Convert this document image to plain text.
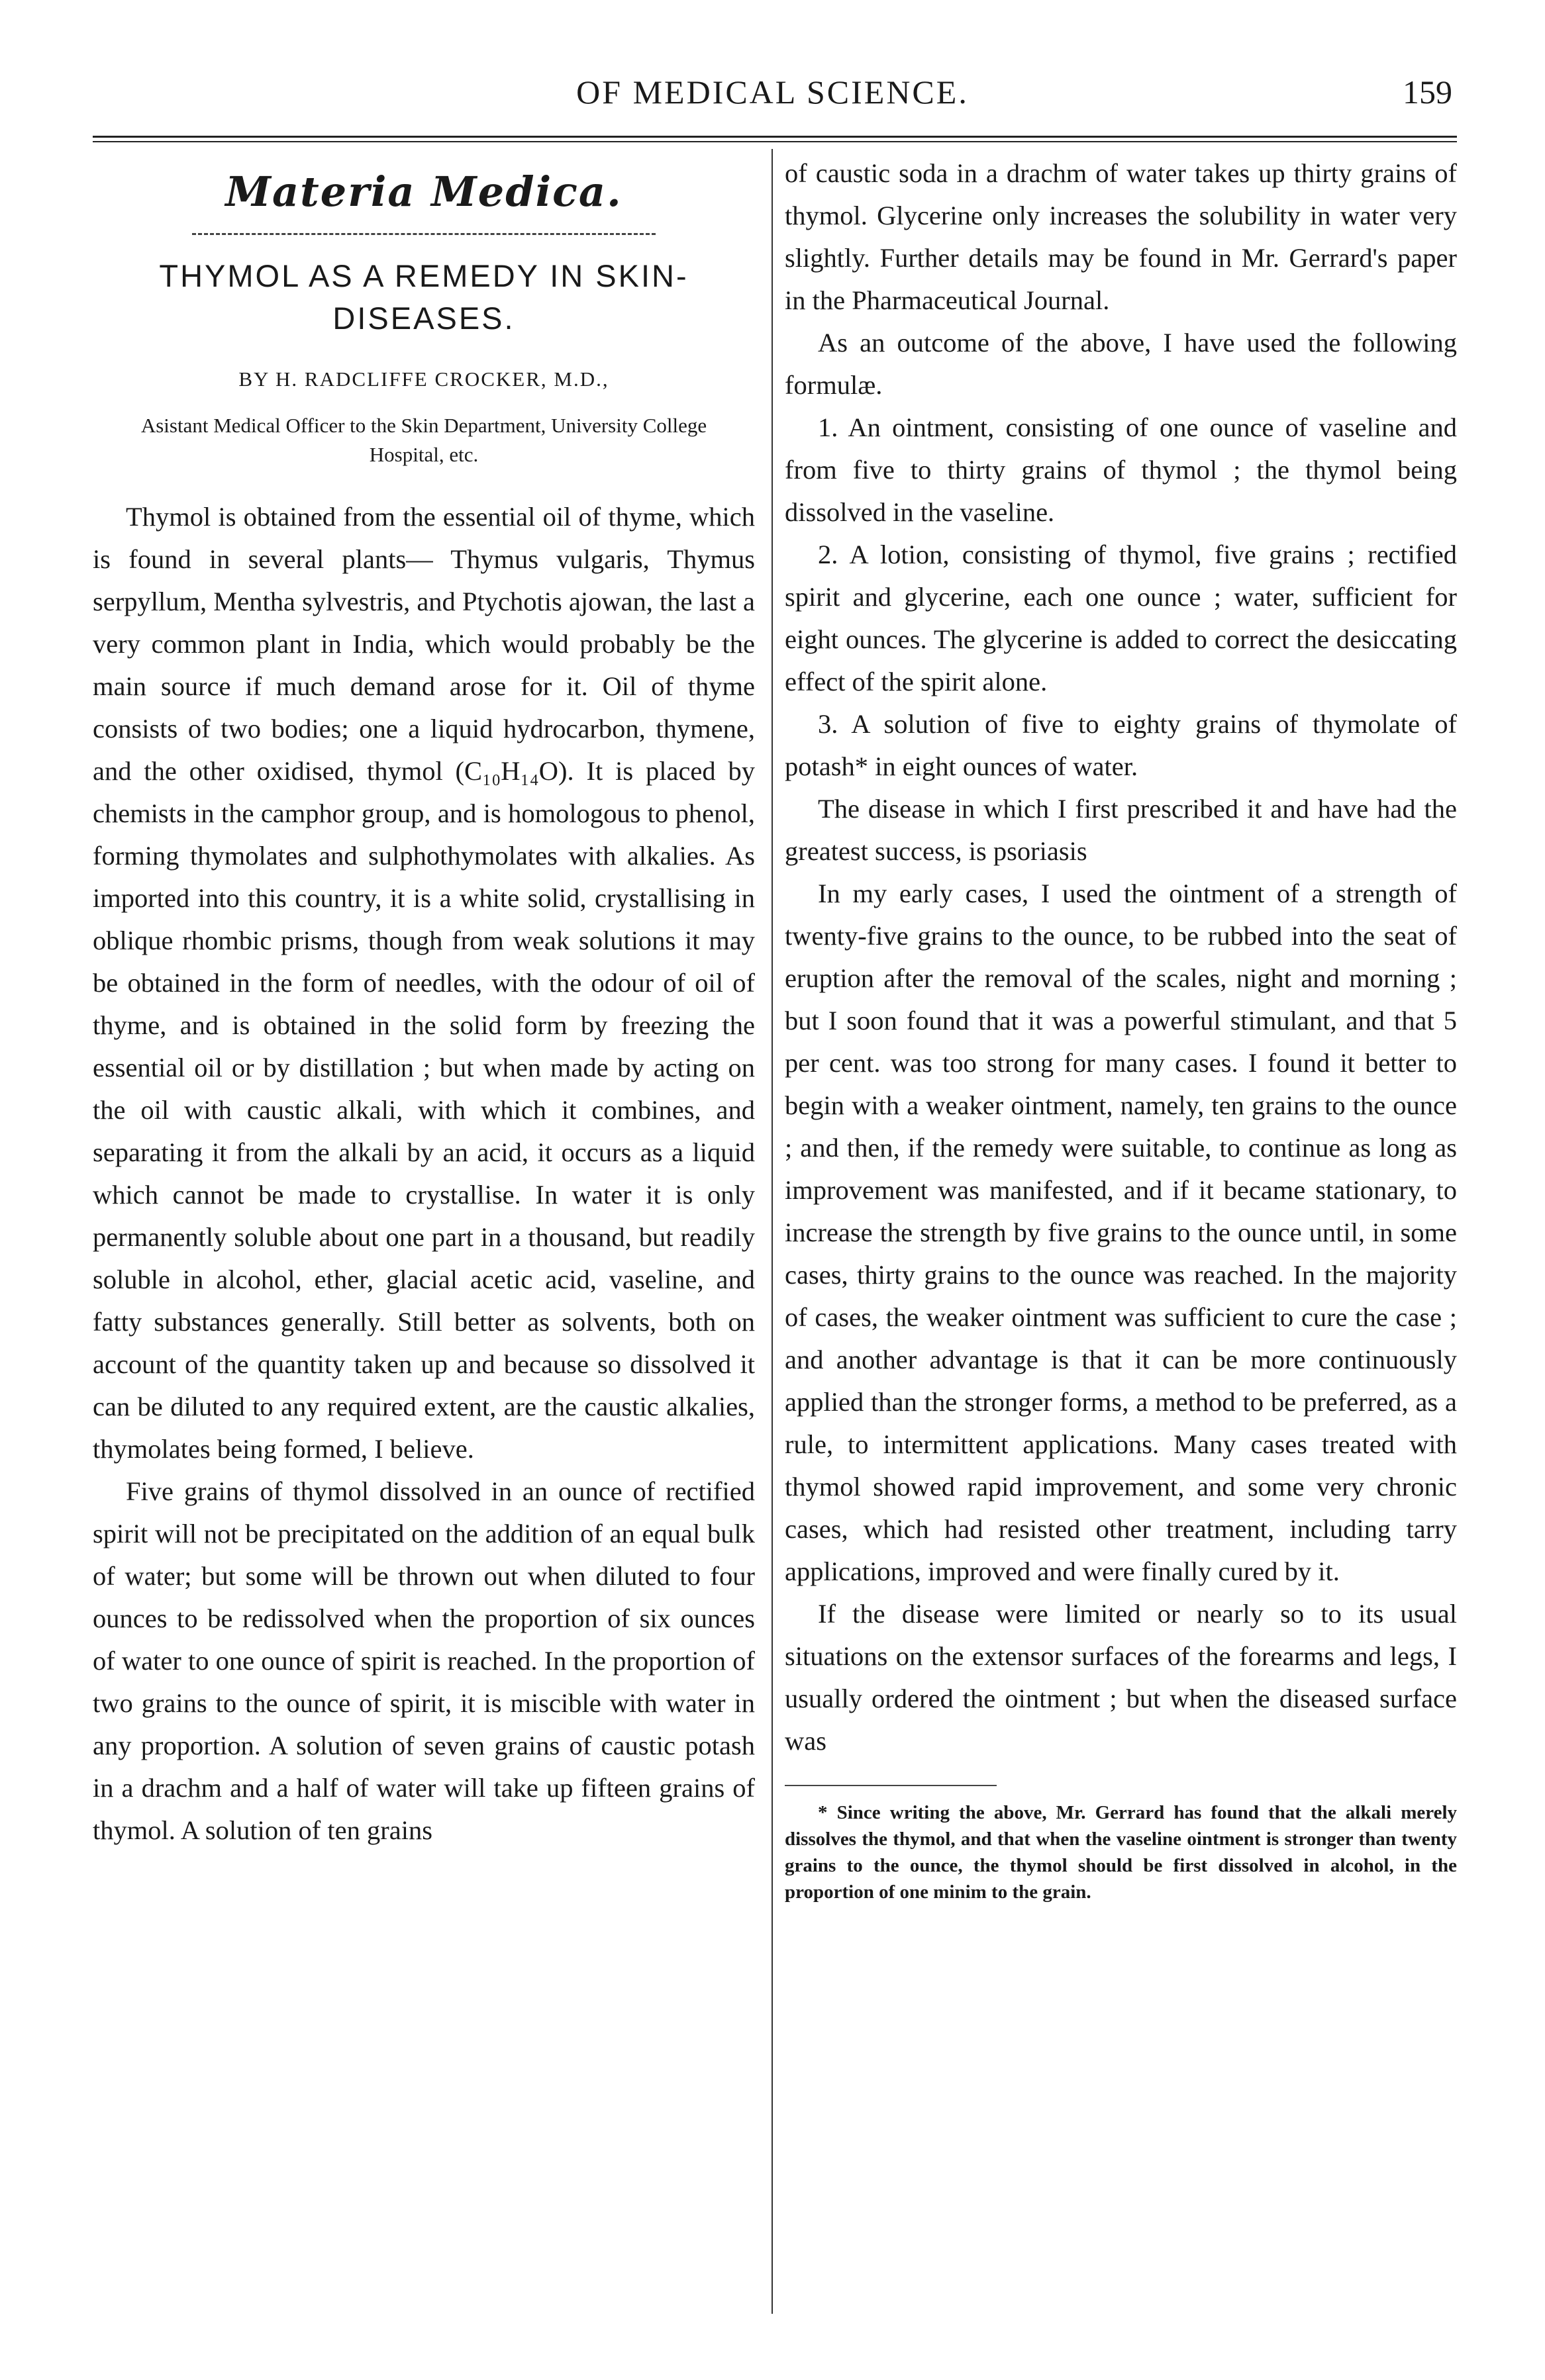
OF MEDICAL SCIENCE.	159
Materia Medica.
THYMOL AS A REMEDY IN SKIN-DISEASES.
BY H. RADCLIFFE CROCKER, M.D.,
Asistant Medical Officer to the Skin Department, University College Hospital, etc.

Thymol is obtained from the essential oil of thyme, which is found in several plants— Thymus vulgaris, Thymus serpyllum, Mentha sylvestris, and Ptychotis ajowan, the last a very common plant in India, which would probably be the main source if much demand arose for it. Oil of thyme consists of two bodies; one a liquid hydrocarbon, thymene, and the other oxidised, thymol (C₁₀H₁₄O). It is placed by chemists in the camphor group, and is homologous to phenol, forming thymolates and sulphothymolates with alkalies. As imported into this country, it is a white solid, crystallising in oblique rhombic prisms, though from weak solutions it may be obtained in the form of needles, with the odour of oil of thyme, and is obtained in the solid form by freezing the essential oil or by distillation ; but when made by acting on the oil with caustic alkali, with which it combines, and separating it from the alkali by an acid, it occurs as a liquid which cannot be made to crystallise. In water it is only permanently soluble about one part in a thousand, but readily soluble in alcohol, ether, glacial acetic acid, vaseline, and fatty substances generally. Still better as solvents, both on account of the quantity taken up and because so dissolved it can be diluted to any required extent, are the caustic alkalies, thymolates being formed, I believe.

Five grains of thymol dissolved in an ounce of rectified spirit will not be precipitated on the addition of an equal bulk of water; but some will be thrown out when diluted to four ounces to be redissolved when the proportion of six ounces of water to one ounce of spirit is reached. In the proportion of two grains to the ounce of spirit, it is miscible with water in any proportion. A solution of seven grains of caustic potash in a drachm and a half of water will take up fifteen grains of thymol. A solution of ten grains

of caustic soda in a drachm of water takes up thirty grains of thymol. Glycerine only increases the solubility in water very slightly. Further details may be found in Mr. Gerrard's paper in the Pharmaceutical Journal.

As an outcome of the above, I have used the following formulæ.

1. An ointment, consisting of one ounce of vaseline and from five to thirty grains of thymol ; the thymol being dissolved in the vaseline.

2. A lotion, consisting of thymol, five grains ; rectified spirit and glycerine, each one ounce ; water, sufficient for eight ounces. The glycerine is added to correct the desiccating effect of the spirit alone.

3. A solution of five to eighty grains of thymolate of potash* in eight ounces of water.

The disease in which I first prescribed it and have had the greatest success, is psoriasis

In my early cases, I used the ointment of a strength of twenty-five grains to the ounce, to be rubbed into the seat of eruption after the removal of the scales, night and morning ; but I soon found that it was a powerful stimulant, and that 5 per cent. was too strong for many cases. I found it better to begin with a weaker ointment, namely, ten grains to the ounce ; and then, if the remedy were suitable, to continue as long as improvement was manifested, and if it became stationary, to increase the strength by five grains to the ounce until, in some cases, thirty grains to the ounce was reached. In the majority of cases, the weaker ointment was sufficient to cure the case ; and another advantage is that it can be more continuously applied than the stronger forms, a method to be preferred, as a rule, to intermittent applications. Many cases treated with thymol showed rapid improvement, and some very chronic cases, which had resisted other treatment, including tarry applications, improved and were finally cured by it.

If the disease were limited or nearly so to its usual situations on the extensor surfaces of the forearms and legs, I usually ordered the ointment ; but when the diseased surface was

* Since writing the above, Mr. Gerrard has found that the alkali merely dissolves the thymol, and that when the vaseline ointment is stronger than twenty grains to the ounce, the thymol should be first dissolved in alcohol, in the proportion of one minim to the grain.
